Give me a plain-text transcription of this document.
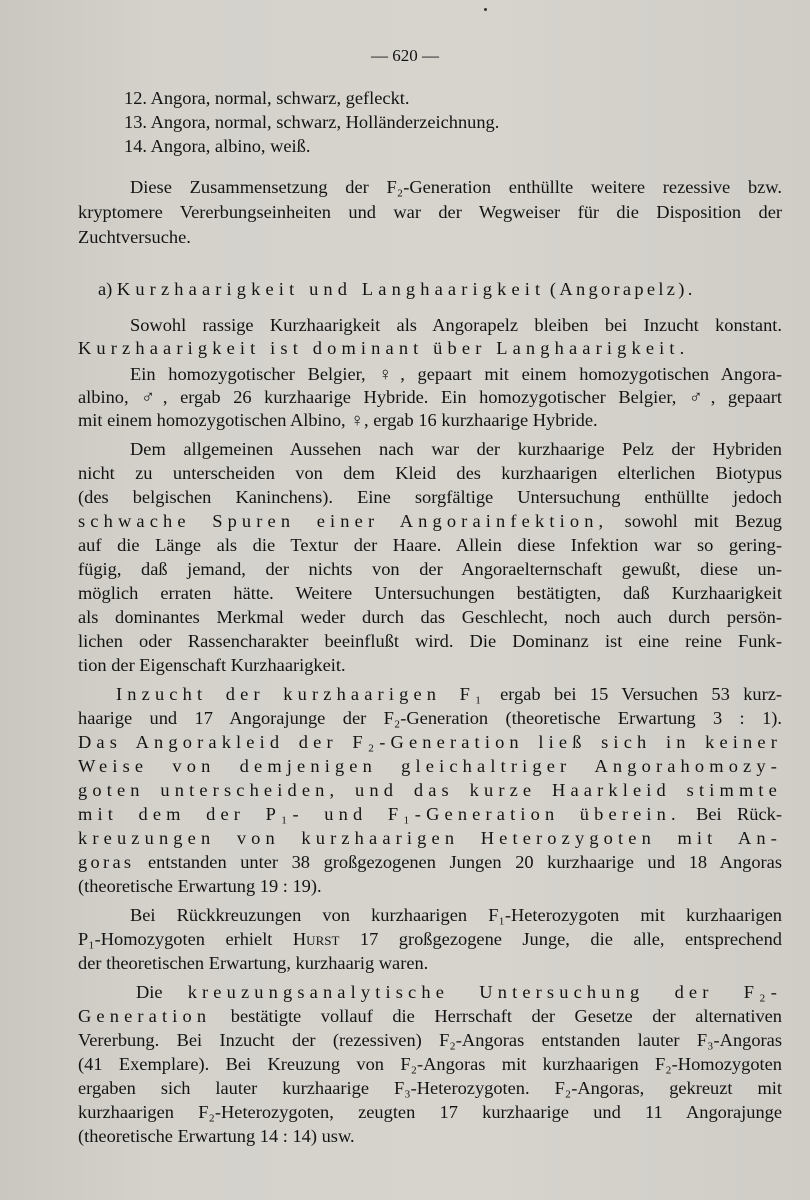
— 620 —
12. Angora, normal, schwarz, gefleckt.
13. Angora, normal, schwarz, Holländerzeichnung.
14. Angora, albino, weiß.
Diese Zusammensetzung der F₂-Generation enthüllte weitere rezessive bzw.
kryptomere Vererbungseinheiten und war der Wegweiser für die Disposition der
Zuchtversuche.
a) Kurzhaarigkeit und Langhaarigkeit (Angorapelz).
Sowohl rassige Kurzhaarigkeit als Angorapelz bleiben bei Inzucht konstant.
Kurzhaarigkeit ist dominant über Langhaarigkeit.
Ein homozygotischer Belgier, ♀, gepaart mit einem homozygotischen Angora-
albino, ♂, ergab 26 kurzhaarige Hybride. Ein homozygotischer Belgier, ♂, gepaart
mit einem homozygotischen Albino, ♀, ergab 16 kurzhaarige Hybride.
Dem allgemeinen Aussehen nach war der kurzhaarige Pelz der Hybriden
nicht zu unterscheiden von dem Kleid des kurzhaarigen elterlichen Biotypus
(des belgischen Kaninchens). Eine sorgfältige Untersuchung enthüllte jedoch
schwache Spuren einer Angorainfektion, sowohl mit Bezug
auf die Länge als die Textur der Haare. Allein diese Infektion war so gering-
fügig, daß jemand, der nichts von der Angoraelternschaft gewußt, diese un-
möglich erraten hätte. Weitere Untersuchungen bestätigten, daß Kurzhaarigkeit
als dominantes Merkmal weder durch das Geschlecht, noch auch durch persön-
lichen oder Rassencharakter beeinflußt wird. Die Dominanz ist eine reine Funk-
tion der Eigenschaft Kurzhaarigkeit.
Inzucht der kurzhaarigen F₁ ergab bei 15 Versuchen 53 kurz-
haarige und 17 Angorajunge der F₂-Generation (theoretische Erwartung 3 : 1).
Das Angorakleid der F₂-Generation ließ sich in keiner
Weise von demjenigen gleichaltriger Angorahomozy-
goten unterscheiden, und das kurze Haarkleid stimmte
mit dem der P₁- und F₁-Generation überein. Bei Rück-
kreuzungen von kurzhaarigen Heterozygoten mit An-
goras entstanden unter 38 großgezogenen Jungen 20 kurzhaarige und 18 Angoras
(theoretische Erwartung 19 : 19).
Bei Rückkreuzungen von kurzhaarigen F₁-Heterozygoten mit kurzhaarigen
P₁-Homozygoten erhielt Hurst 17 großgezogene Junge, die alle, entsprechend
der theoretischen Erwartung, kurzhaarig waren.
Die kreuzungsanalytische Untersuchung der F₂-
Generation bestätigte vollauf die Herrschaft der Gesetze der alternativen
Vererbung. Bei Inzucht der (rezessiven) F₂-Angoras entstanden lauter F₃-Angoras
(41 Exemplare). Bei Kreuzung von F₂-Angoras mit kurzhaarigen F₂-Homozygoten
ergaben sich lauter kurzhaarige F₃-Heterozygoten. F₂-Angoras, gekreuzt mit
kurzhaarigen F₂-Heterozygoten, zeugten 17 kurzhaarige und 11 Angorajunge
(theoretische Erwartung 14 : 14) usw.
